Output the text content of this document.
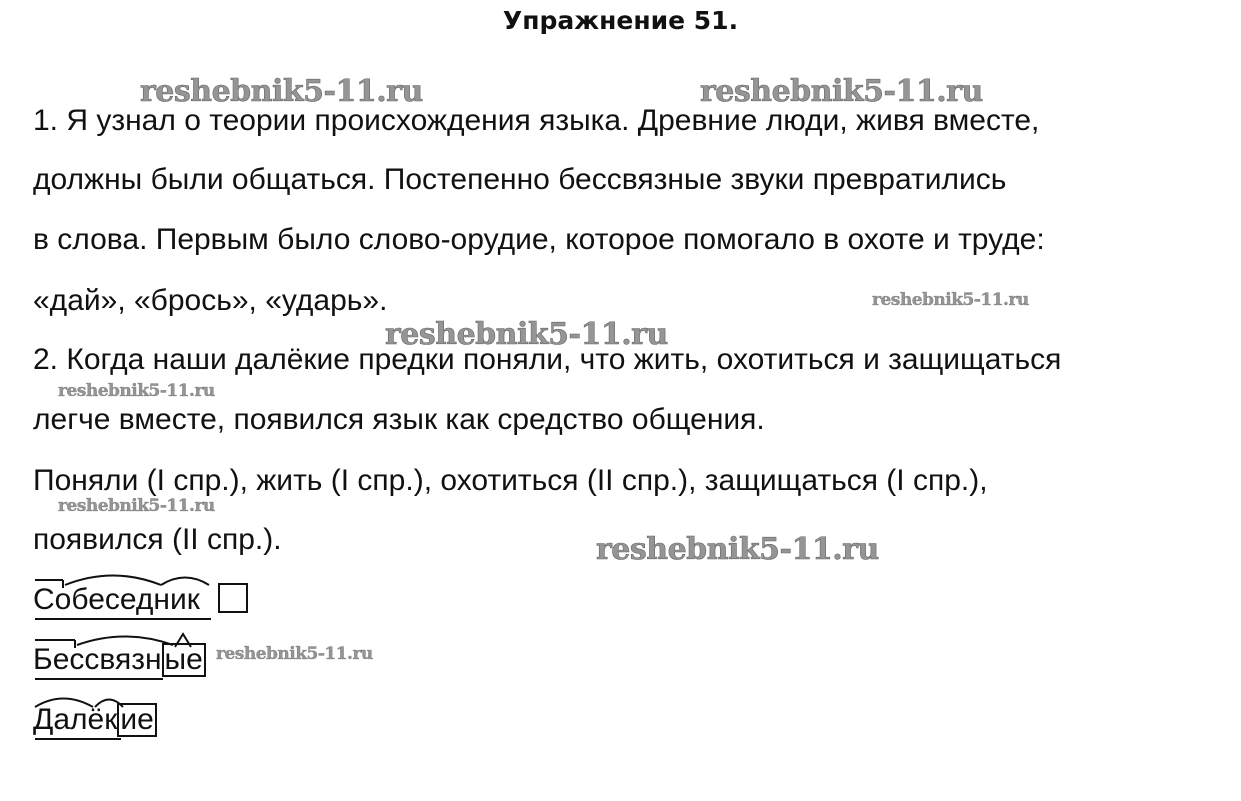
Упражнение 51.
1. Я узнал о теории происхождения языка. Древние люди, живя вместе,
должны были общаться. Постепенно бессвязные звуки превратились
в слова. Первым было слово-орудие, которое помогало в охоте и труде:
«дай», «брось», «ударь».
2. Когда наши далёкие предки поняли, что жить, охотиться и защищаться
легче вместе, появился язык как средство общения.
Поняли (I спр.), жить (I спр.), охотиться (II спр.), защищаться (I спр.),
появился (II спр.).
Собеседник

Бессвязн ые
Далёк ие
reshebnik5-11.ru	reshebnik5-11.ru
reshebnik5-11.ru
reshebnik5-11.ru
reshebnik5-11.ru
reshebnik5-11.ru
reshebnik5-11.ru
reshebnik5-11.ru
